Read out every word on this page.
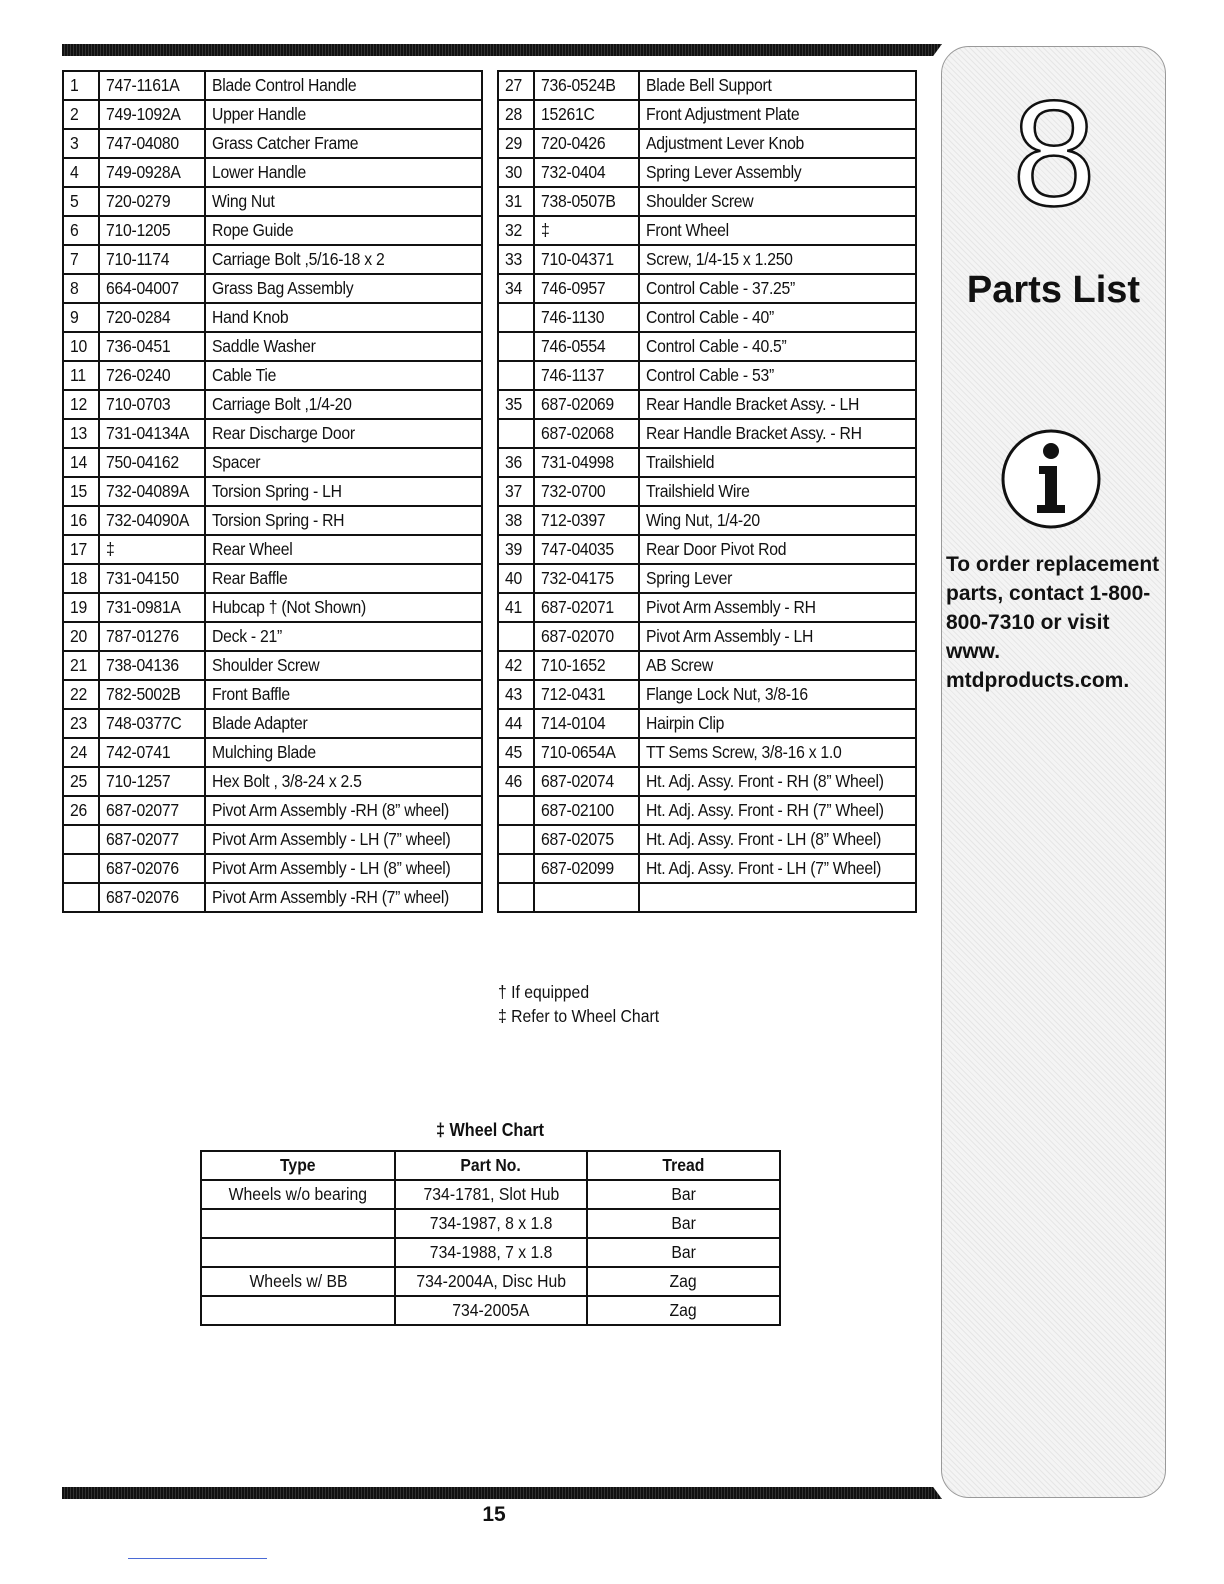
1	747-1161A	Blade Control Handle
2	749-1092A	Upper Handle
3	747-04080	Grass Catcher Frame
4	749-0928A	Lower Handle
5	720-0279	Wing Nut
6	710-1205	Rope Guide
7	710-1174	Carriage Bolt ,5/16-18 x 2
8	664-04007	Grass Bag Assembly
9	720-0284	Hand Knob
10	736-0451	Saddle Washer
11	726-0240	Cable Tie
12	710-0703	Carriage Bolt ,1/4-20
13	731-04134A	Rear Discharge Door
14	750-04162	Spacer
15	732-04089A	Torsion Spring - LH
16	732-04090A	Torsion Spring - RH
17	‡	Rear Wheel
18	731-04150	Rear Baffle
19	731-0981A	Hubcap † (Not Shown)
20	787-01276	Deck - 21”
21	738-04136	Shoulder Screw
22	782-5002B	Front Baffle
23	748-0377C	Blade Adapter
24	742-0741	Mulching Blade
25	710-1257	Hex Bolt , 3/8-24 x 2.5
26	687-02077	Pivot Arm Assembly -RH (8” wheel)
	687-02077	Pivot Arm Assembly - LH (7” wheel)
	687-02076	Pivot Arm Assembly - LH (8” wheel)
	687-02076	Pivot Arm Assembly -RH (7” wheel)
27	736-0524B	Blade Bell Support
28	15261C	Front Adjustment Plate
29	720-0426	Adjustment Lever Knob
30	732-0404	Spring Lever Assembly
31	738-0507B	Shoulder Screw
32	‡	Front Wheel
33	710-04371	Screw, 1/4-15 x 1.250
34	746-0957	Control Cable - 37.25”
	746-1130	Control Cable - 40”
	746-0554	Control Cable - 40.5”
	746-1137	Control Cable - 53”
35	687-02069	Rear Handle Bracket Assy. - LH
	687-02068	Rear Handle Bracket Assy. - RH
36	731-04998	Trailshield
37	732-0700	Trailshield Wire
38	712-0397	Wing Nut, 1/4-20
39	747-04035	Rear Door Pivot Rod
40	732-04175	Spring Lever
41	687-02071	Pivot Arm Assembly - RH
	687-02070	Pivot Arm Assembly - LH
42	710-1652	AB Screw
43	712-0431	Flange Lock Nut, 3/8-16
44	714-0104	Hairpin Clip
45	710-0654A	TT Sems Screw, 3/8-16 x 1.0
46	687-02074	Ht. Adj. Assy. Front - RH (8” Wheel)
	687-02100	Ht. Adj. Assy. Front - RH (7” Wheel)
	687-02075	Ht. Adj. Assy. Front - LH (8” Wheel)
	687-02099	Ht. Adj. Assy. Front - LH (7” Wheel)

† If equipped
‡ Refer to Wheel Chart
‡ Wheel Chart
Type	Part No.	Tread
Wheels w/o bearing	734-1781, Slot Hub	Bar
	734-1987, 8 x 1.8	Bar
	734-1988, 7 x 1.8	Bar
Wheels w/ BB	734-2004A, Disc Hub	Zag
	734-2005A	Zag
8
Parts List
To order replacement parts, contact 1-800-800-7310 or visit www. mtdproducts.com.
15
